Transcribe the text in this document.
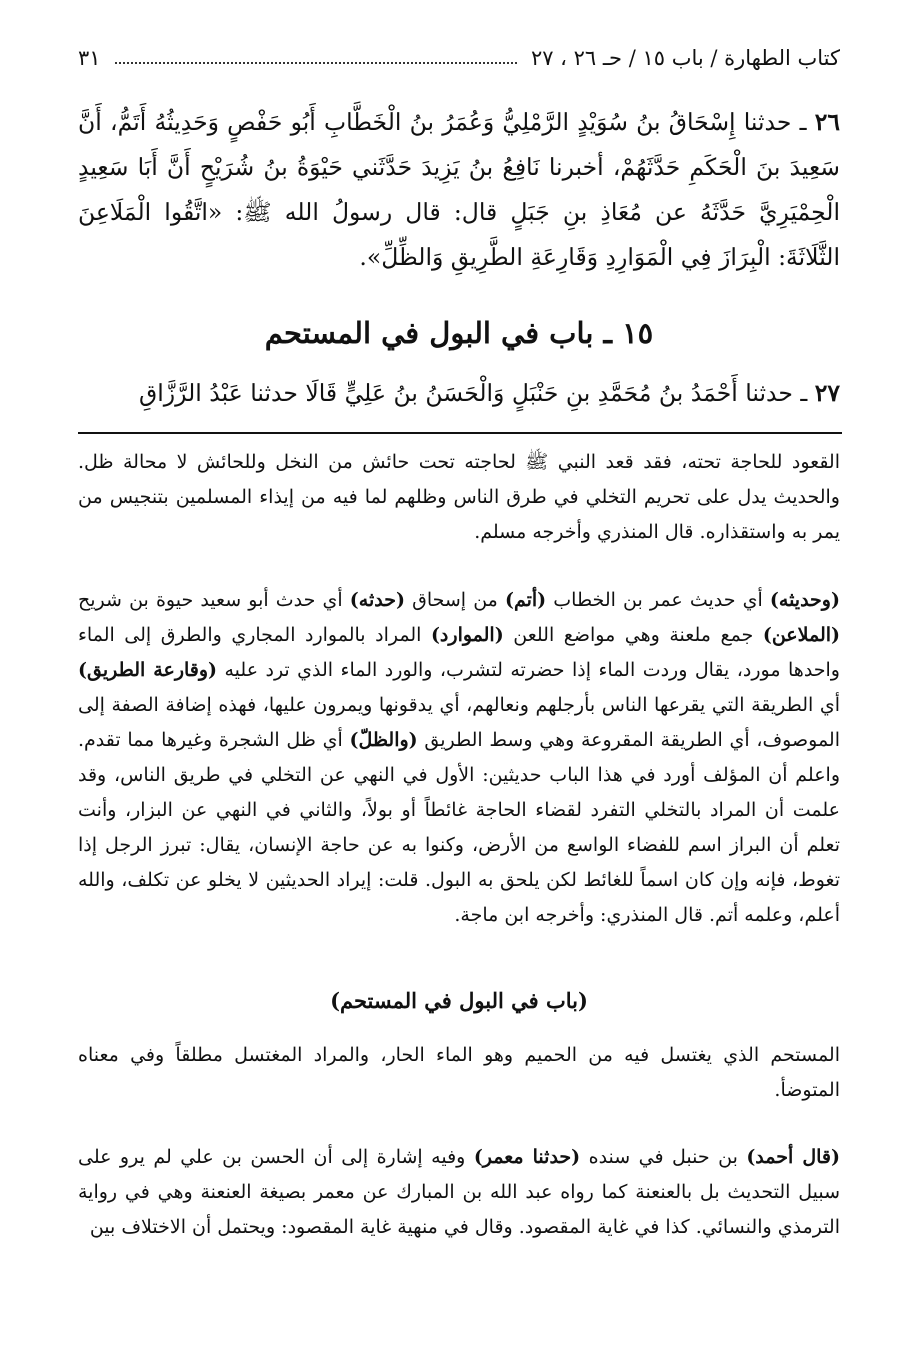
كتاب الطهارة / باب ١٥ / حـ ٢٦ ، ٢٧
٣١
٢٦ ـ حدثنا إِسْحَاقُ بنُ سُوَيْدٍ الرَّمْلِيُّ وَعُمَرُ بنُ الْخَطَّابِ أَبُو حَفْصٍ وَحَدِيثُهُ أَتَمُّ، أَنَّ سَعِيدَ بنَ الْحَكَمِ حَدَّثَهُمْ، أخبرنا نَافِعُ بنُ يَزِيدَ حَدَّثَني حَيْوَةُ بنُ شُرَيْحٍ أَنَّ أَبَا سَعِيدٍ الْحِمْيَرِيَّ حَدَّثَهُ عن مُعَاذِ بنِ جَبَلٍ قال: قال رسولُ الله ﷺ: «اتَّقُوا الْمَلَاعِنَ الثَّلَاثَةَ: الْبِرَازَ فِي الْمَوَارِدِ وَقَارِعَةِ الطَّرِيقِ وَالظِّلِّ».
١٥ ـ باب في البول في المستحم
٢٧ ـ حدثنا أَحْمَدُ بنُ مُحَمَّدِ بنِ حَنْبَلٍ وَالْحَسَنُ بنُ عَلِيٍّ قَالَا حدثنا عَبْدُ الرَّزَّاقِ

القعود للحاجة تحته، فقد قعد النبي ﷺ لحاجته تحت حائش من النخل وللحائش لا محالة ظل. والحديث يدل على تحريم التخلي في طرق الناس وظلهم لما فيه من إيذاء المسلمين بتنجيس من يمر به واستقذاره. قال المنذري وأخرجه مسلم.

(وحديثه) أي حديث عمر بن الخطاب (أتم) من إسحاق (حدثه) أي حدث أبو سعيد حيوة بن شريح (الملاعن) جمع ملعنة وهي مواضع اللعن (الموارد) المراد بالموارد المجاري والطرق إلى الماء واحدها مورد، يقال وردت الماء إذا حضرته لتشرب، والورد الماء الذي ترد عليه (وقارعة الطريق) أي الطريقة التي يقرعها الناس بأرجلهم ونعالهم، أي يدقونها ويمرون عليها، فهذه إضافة الصفة إلى الموصوف، أي الطريقة المقروعة وهي وسط الطريق (والظلّ) أي ظل الشجرة وغيرها مما تقدم. واعلم أن المؤلف أورد في هذا الباب حديثين: الأول في النهي عن التخلي في طريق الناس، وقد علمت أن المراد بالتخلي التفرد لقضاء الحاجة غائطاً أو بولاً، والثاني في النهي عن البزار، وأنت تعلم أن البراز اسم للفضاء الواسع من الأرض، وكنوا به عن حاجة الإنسان، يقال: تبرز الرجل إذا تغوط، فإنه وإن كان اسماً للغائط لكن يلحق به البول. قلت: إيراد الحديثين لا يخلو عن تكلف، والله أعلم، وعلمه أتم. قال المنذري: وأخرجه ابن ماجة.

(باب في البول في المستحم)

المستحم الذي يغتسل فيه من الحميم وهو الماء الحار، والمراد المغتسل مطلقاً وفي معناه المتوضأ.

(قال أحمد) بن حنبل في سنده (حدثنا معمر) وفيه إشارة إلى أن الحسن بن علي لم يرو على سبيل التحديث بل بالعنعنة كما رواه عبد الله بن المبارك عن معمر بصيغة العنعنة وهي في رواية الترمذي والنسائي. كذا في غاية المقصود. وقال في منهية غاية المقصود: ويحتمل أن الاختلاف بين
